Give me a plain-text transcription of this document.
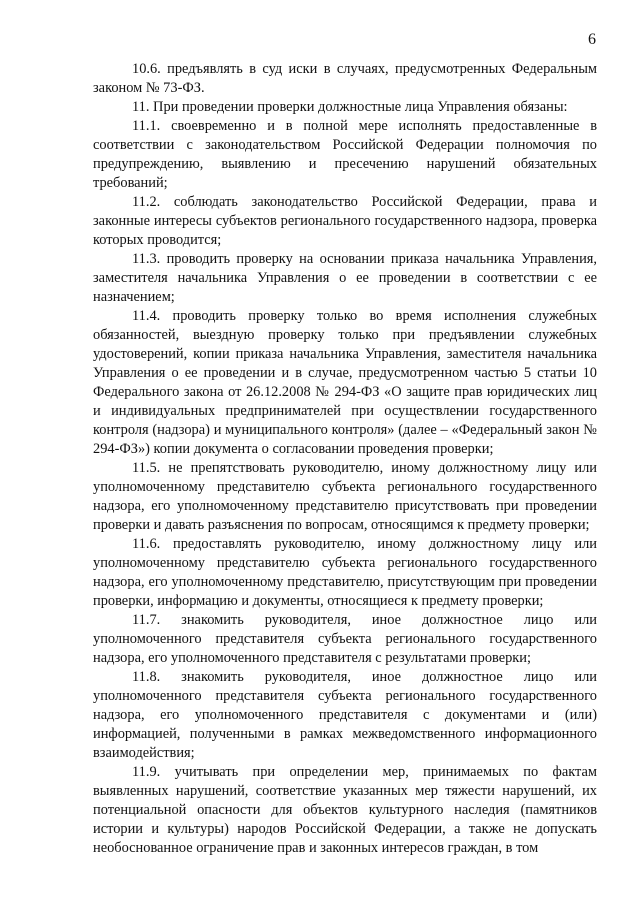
6

10.6. предъявлять в суд иски в случаях, предусмотренных Федеральным законом № 73-ФЗ.

11. При проведении проверки должностные лица Управления обязаны:

11.1. своевременно и в полной мере исполнять предоставленные в соответствии с законодательством Российской Федерации полномочия по предупреждению, выявлению и пресечению нарушений обязательных требований;

11.2. соблюдать законодательство Российской Федерации, права и законные интересы субъектов регионального государственного надзора, проверка которых проводится;

11.3. проводить проверку на основании приказа начальника Управления, заместителя начальника Управления о ее проведении в соответствии с ее назначением;

11.4. проводить проверку только во время исполнения служебных обязанностей, выездную проверку только при предъявлении служебных удостоверений, копии приказа начальника Управления, заместителя начальника Управления о ее проведении и в случае, предусмотренном частью 5 статьи 10 Федерального закона от 26.12.2008 № 294-ФЗ «О защите прав юридических лиц и индивидуальных предпринимателей при осуществлении государственного контроля (надзора) и муниципального контроля» (далее – «Федеральный закон № 294-ФЗ») копии документа о согласовании проведения проверки;

11.5. не препятствовать руководителю, иному должностному лицу или уполномоченному представителю субъекта регионального государственного надзора, его уполномоченному представителю присутствовать при проведении проверки и давать разъяснения по вопросам, относящимся к предмету проверки;

11.6. предоставлять руководителю, иному должностному лицу или уполномоченному представителю субъекта регионального государственного надзора, его уполномоченному представителю, присутствующим при проведении проверки, информацию и документы, относящиеся к предмету проверки;

11.7. знакомить руководителя, иное должностное лицо или уполномоченного представителя субъекта регионального государственного надзора, его уполномоченного представителя с результатами проверки;

11.8. знакомить руководителя, иное должностное лицо или уполномоченного представителя субъекта регионального государственного надзора, его уполномоченного представителя с документами и (или) информацией, полученными в рамках межведомственного информационного взаимодействия;

11.9. учитывать при определении мер, принимаемых по фактам выявленных нарушений, соответствие указанных мер тяжести нарушений, их потенциальной опасности для объектов культурного наследия (памятников истории и культуры) народов Российской Федерации, а также не допускать необоснованное ограничение прав и законных интересов граждан, в том
